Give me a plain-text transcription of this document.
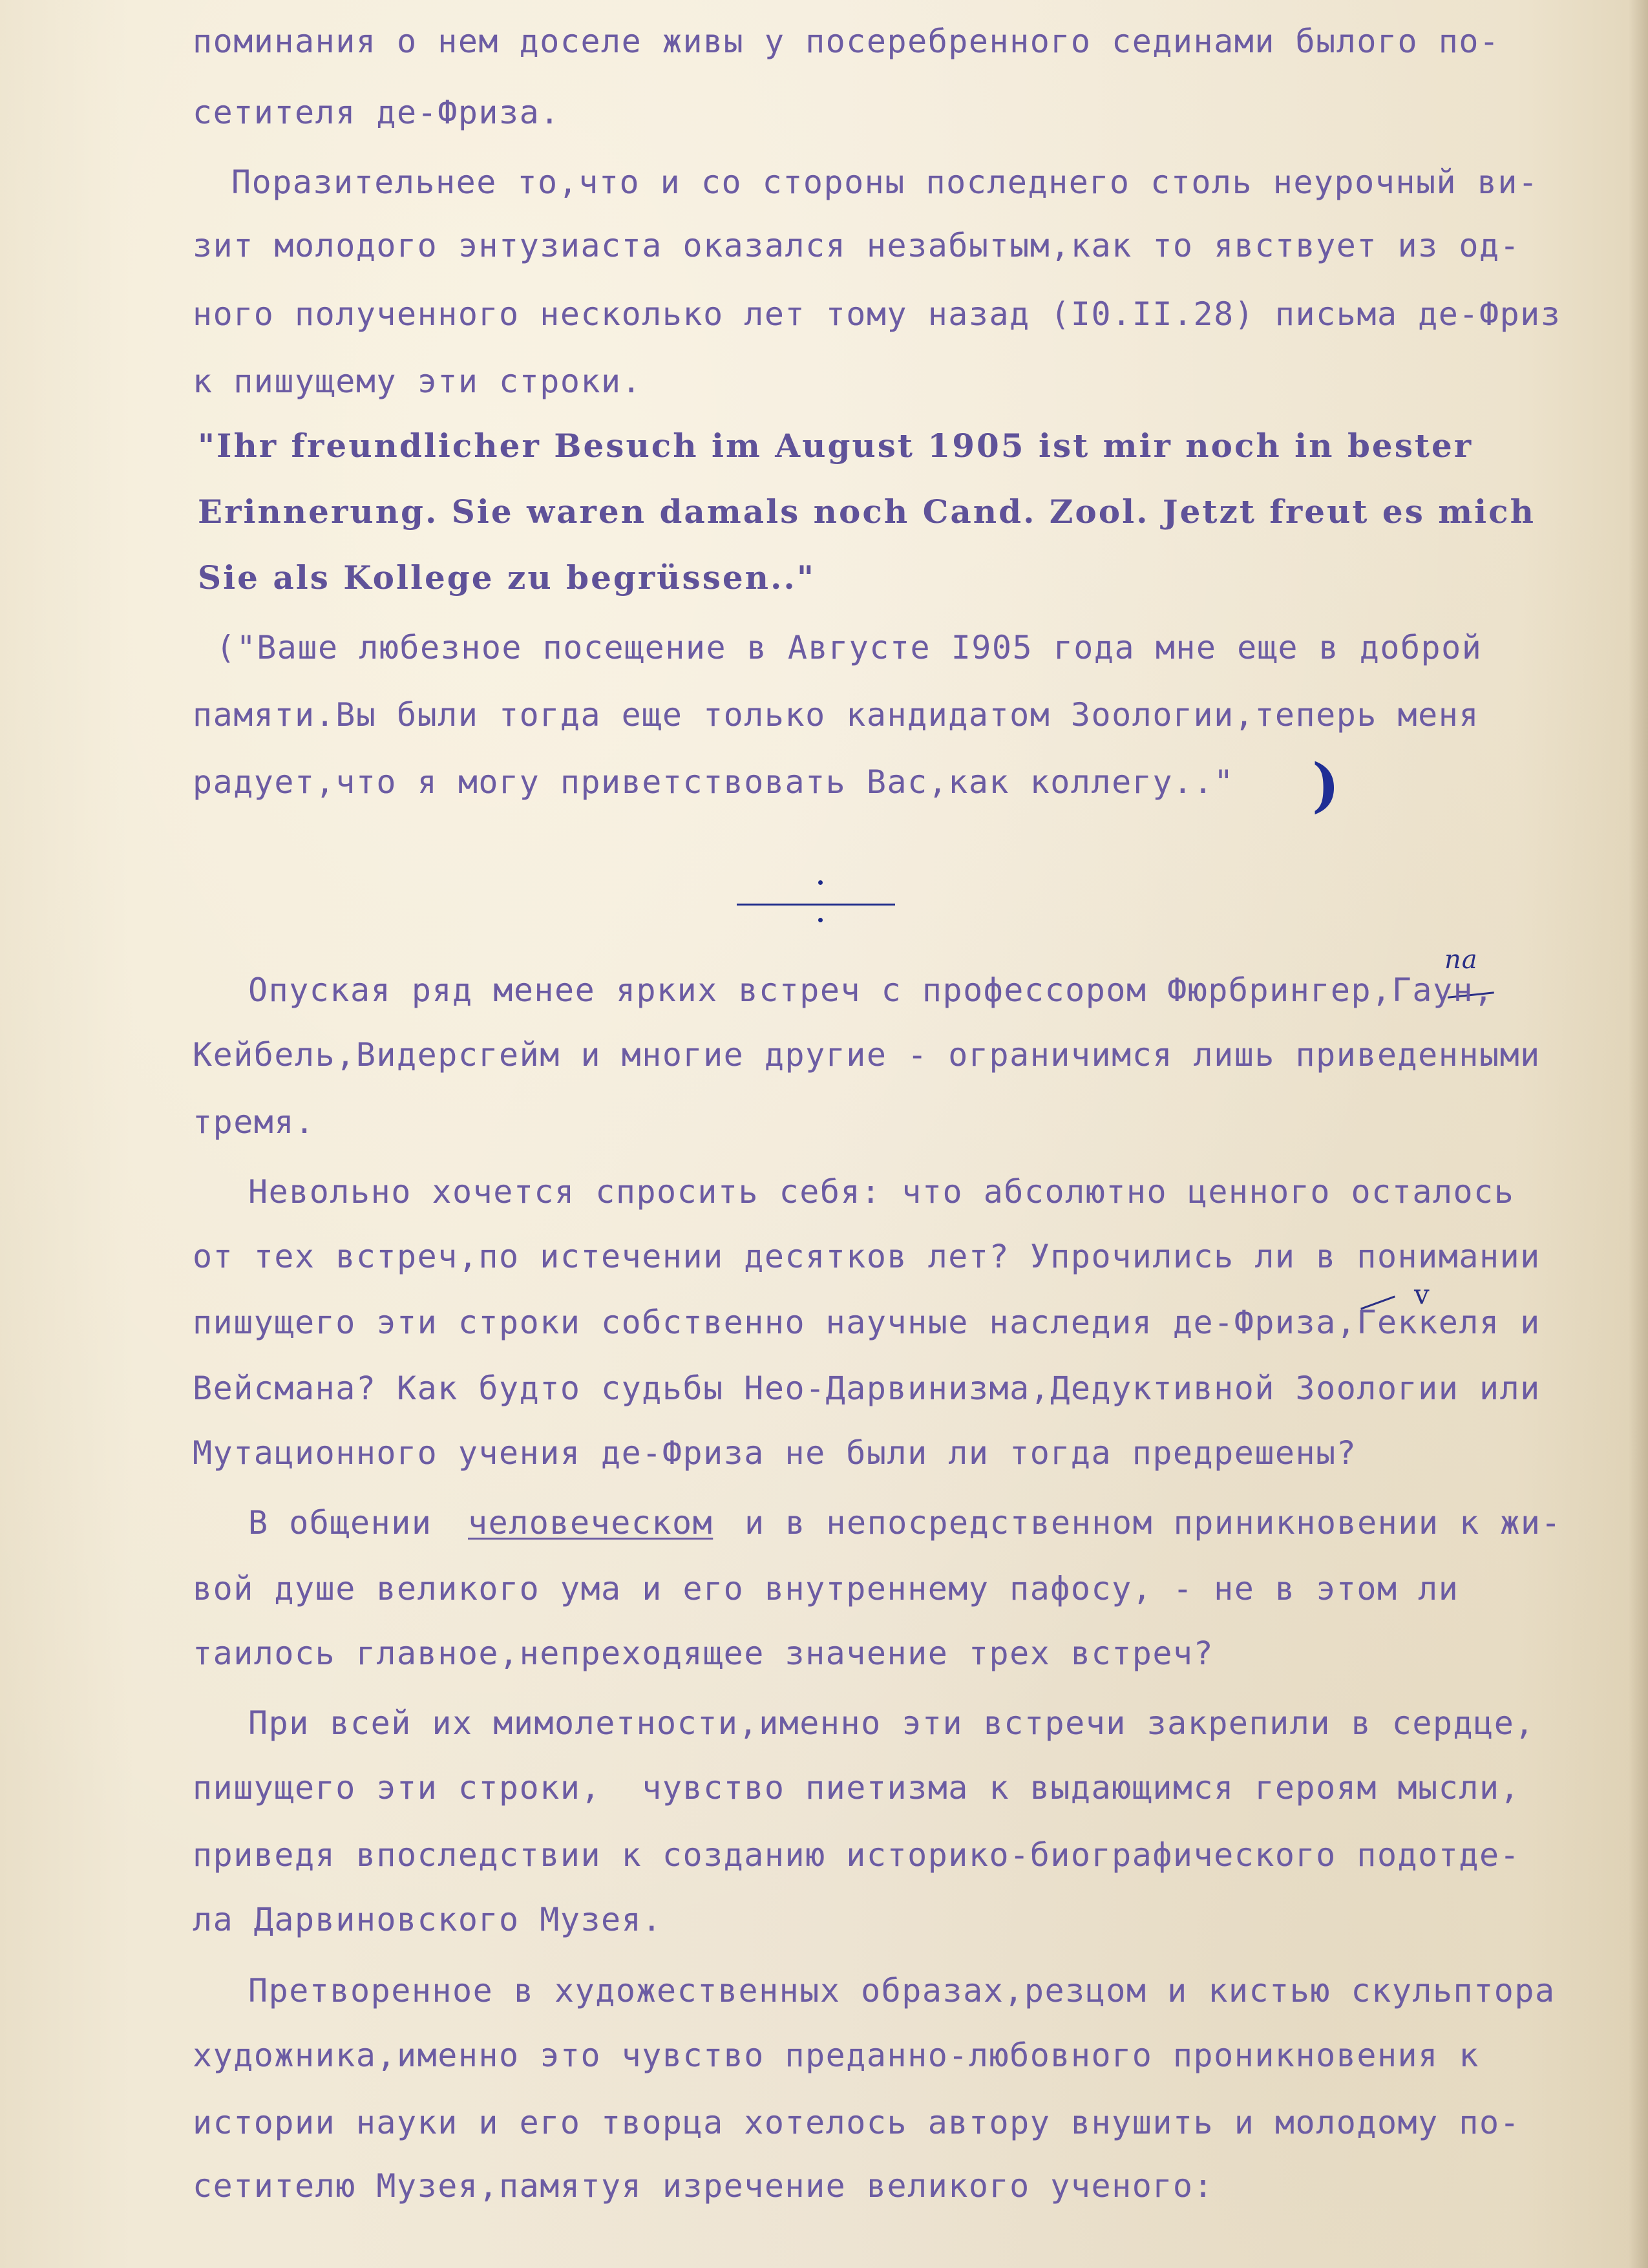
поминания о нем доселе живы у посеребренного сединами былого по-
сетителя де-Фриза.
Поразительнее то,что и со стороны последнего столь неурочный ви-
зит молодого энтузиаста оказался незабытым,как то явствует из од-
ного полученного несколько лет тому назад (I0.II.28) письма де-Фриз
к пишущему эти строки.
"Ihr freundlicher Besuch im August 1905 ist mir noch in bester
Erinnerung. Sie waren damals noch Cand. Zool. Jetzt freut es mich
Sie als Kollege zu begrüssen.."
("Ваше любезное посещение в Августе I905 года мне еще в доброй
памяти.Вы были тогда еще только кандидатом Зоологии,теперь меня
радует,что я могу приветствовать Вас,как коллегу.." )
па
Опуская ряд менее ярких встреч с профессором Фюрбрингер,Гаун,
Кейбель,Видерсгейм и многие другие - ограничимся лишь приведенными
тремя.
Невольно хочется спросить себя: что абсолютно ценного осталось
от тех встреч,по истечении десятков лет? Упрочились ли в понимании
v
пишущего эти строки собственно научные наследия де-Фриза,Геккеля и
Вейсмана? Как будто судьбы Нео-Дарвинизма,Дедуктивной Зоологии или
Мутационного учения де-Фриза не были ли тогда предрешены?
В общении человеческом и в непосредственном приникновении к жи-
вой душе великого ума и его внутреннему пафосу, - не в этом ли
таилось главное,непреходящее значение трех встреч?
При всей их мимолетности,именно эти встречи закрепили в сердце,
пишущего эти строки,  чувство пиетизма к выдающимся героям мысли,
приведя впоследствии к созданию историко-биографического подотде-
ла Дарвиновского Музея.
Претворенное в художественных образах,резцом и кистью скульптора
художника,именно это чувство преданно-любовного проникновения к
истории науки и его творца хотелось автору внушить и молодому по-
сетителю Музея,памятуя изречение великого ученого:
